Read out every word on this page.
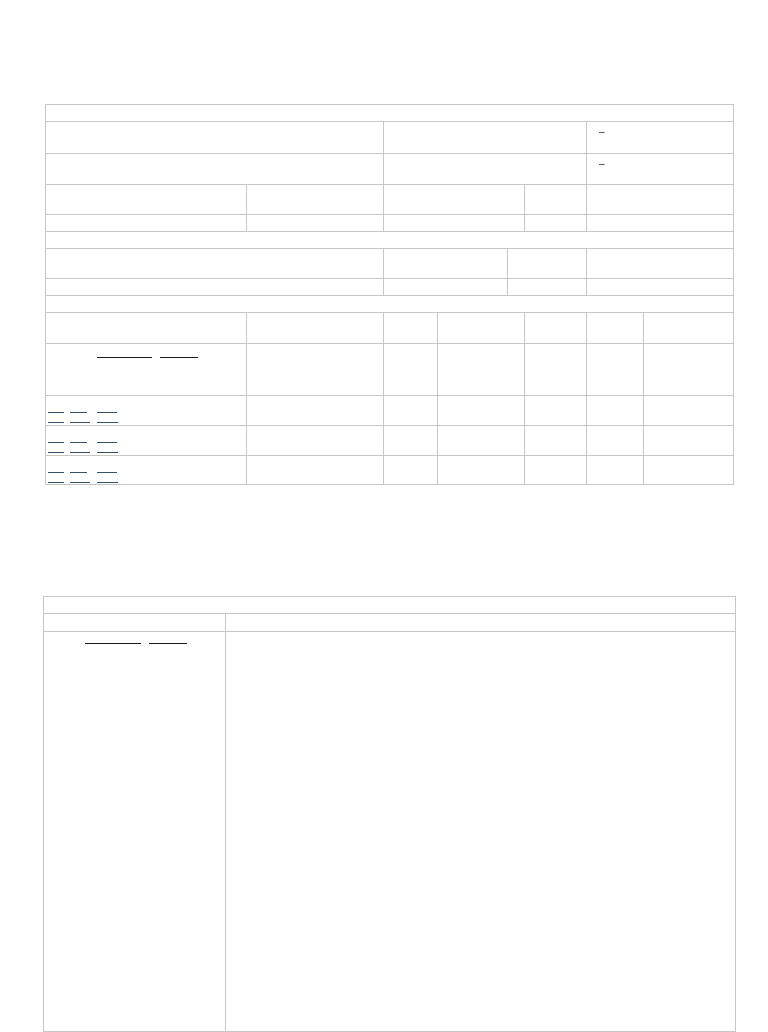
						–	
						–	
